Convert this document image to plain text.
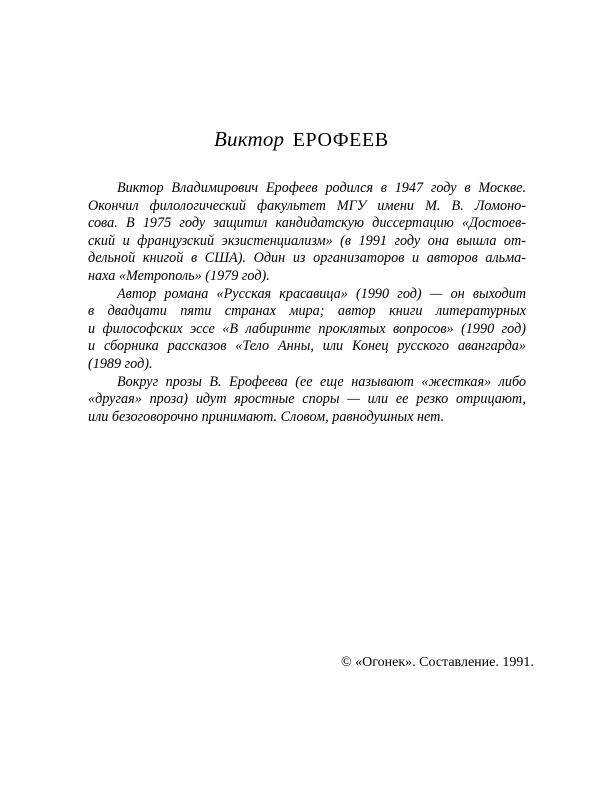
Виктор ЕРОФЕЕВ

Виктор Владимирович Ерофеев родился в 1947 году в Москве.
Окончил филологический факультет МГУ имени М. В. Ломоно-
сова. В 1975 году защитил кандидатскую диссертацию «Достоев-
ский и французский экзистенциализм» (в 1991 году она вышла от-
дельной книгой в США). Один из организаторов и авторов альма-
наха «Метрополь» (1979 год).

Автор романа «Русская красавица» (1990 год) — он выходит
в двадцати пяти странах мира; автор книги литературных
и философских эссе «В лабиринте проклятых вопросов» (1990 год)
и сборника рассказов «Тело Анны, или Конец русского авангарда»
(1989 год).

Вокруг прозы В. Ерофеева (ее еще называют «жесткая» либо
«другая» проза) идут яростные споры — или ее резко отрицают,
или безоговорочно принимают. Словом, равнодушных нет.

© «Огонек». Составление. 1991.
